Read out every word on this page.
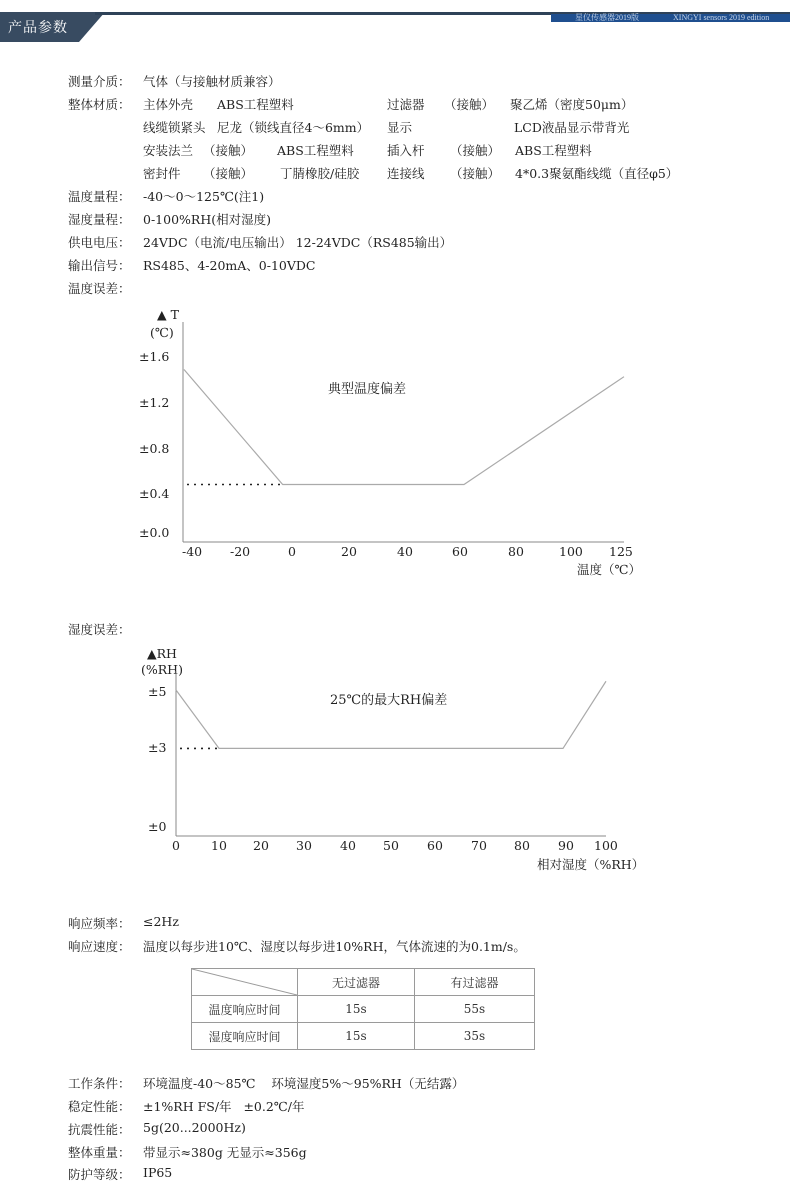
产品参数
星仪传感器2019版	XINGYI sensors 2019 edition
测量介质： 气体（与接触材质兼容）
整体材质： 主体外壳 ABS工程塑料	过滤器 （接触） 聚乙烯（密度50μm）
线缆锁紧头 尼龙（锁线直径4～6mm） 显示	LCD液晶显示带背光
安装法兰 （接触） ABS工程塑料	插入杆 （接触） ABS工程塑料
密封件 （接触） 丁腈橡胶/硅胶 连接线 （接触） 4*0.3聚氨酯线缆（直径φ5）
温度量程： -40～0～125℃(注1)
湿度量程： 0-100%RH(相对湿度)
供电电压： 24VDC（电流/电压输出） 12-24VDC（RS485输出）
输出信号： RS485、4-20mA、0-10VDC
温度误差：
▲ T
(℃)
典型温度偏差
温度（℃）
±1.6
±1.2
±0.8
±0.4
±0.0
-40 -20	0	20	40	60	80	100 125
湿度误差：
▲RH
(%RH)
25℃的最大RH偏差
相对湿度（%RH）
±5
±3
±0
0 10 20 30 40 50 60 70 80 90 100
响应频率： ≤2Hz
响应速度： 温度以每步进10℃、湿度以每步进10%RH，气体流速的为0.1m/s。
	无过滤器	有过滤器
温度响应时间	15s	55s
湿度响应时间	15s	35s
工作条件： 环境温度-40～85℃    环境湿度5%～95%RH（无结露）
稳定性能： ±1%RH FS/年   ±0.2℃/年
抗震性能： 5g(20...2000Hz)
整体重量： 带显示≈380g 无显示≈356g
防护等级： IP65
